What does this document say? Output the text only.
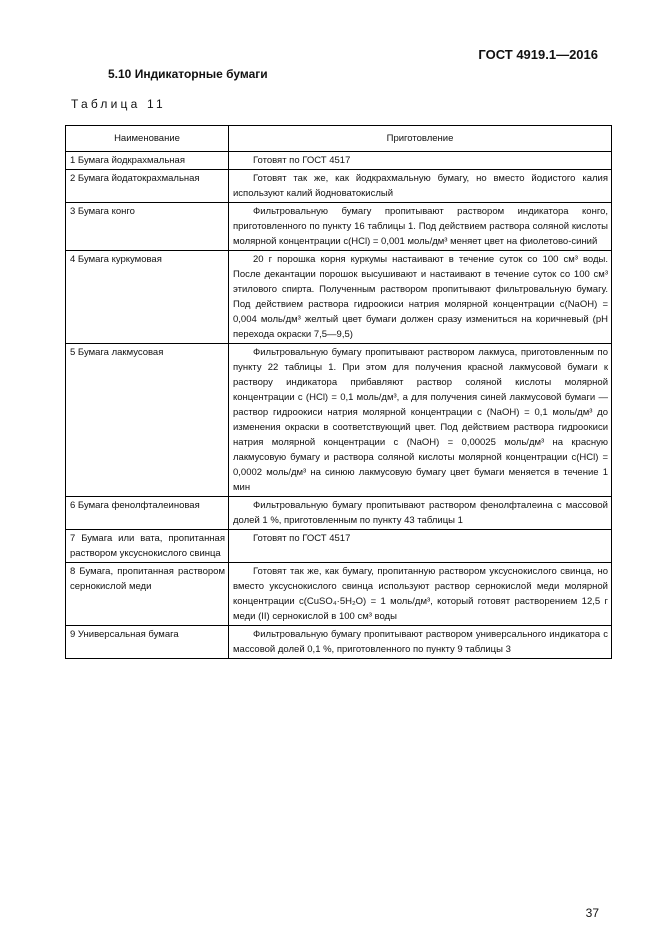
ГОСТ 4919.1—2016
5.10 Индикаторные бумаги
Таблица 11
Наименование	Приготовление
1 Бумага йодкрахмальная	Готовят по ГОСТ 4517
2 Бумага йодатокрахмальная	Готовят так же, как йодкрахмальную бумагу, но вместо йодистого калия используют калий йодноватокислый
3 Бумага конго	Фильтровальную бумагу пропитывают раствором индикатора конго, приготовленного по пункту 16 таблицы 1. Под действием раствора соляной кислоты молярной концентрации c(HCl) = 0,001 моль/дм³ меняет цвет на фиолетово-синий
4 Бумага куркумовая	20 г порошка корня куркумы настаивают в течение суток со 100 см³ воды. После декантации порошок высушивают и настаивают в течение суток со 100 см³ этилового спирта. Полученным раствором пропитывают фильтровальную бумагу. Под действием раствора гидроокиси натрия молярной концентрации c(NaOH) = 0,004 моль/дм³ желтый цвет бумаги должен сразу измениться на коричневый (рН перехода окраски 7,5—9,5)
5 Бумага лакмусовая	Фильтровальную бумагу пропитывают раствором лакмуса, приготовленным по пункту 22 таблицы 1. При этом для получения красной лакмусовой бумаги к раствору индикатора прибавляют раствор соляной кислоты молярной концентрации c (HCl) = 0,1 моль/дм³, а для получения синей лакмусовой бумаги — раствор гидроокиси натрия молярной концентрации c (NaOH) = 0,1 моль/дм³ до изменения окраски в соответствующий цвет. Под действием раствора гидроокиси натрия молярной концентрации c (NaOH) = 0,00025 моль/дм³ на красную лакмусовую бумагу и раствора соляной кислоты молярной концентрации c(HCl) = 0,0002 моль/дм³ на синюю лакмусовую бумагу цвет бумаги меняется в течение 1 мин
6 Бумага фенолфталеиновая	Фильтровальную бумагу пропитывают раствором фенолфталеина с массовой долей 1 %, приготовленным по пункту 43 таблицы 1
7 Бумага или вата, пропитанная раствором уксуснокислого свинца	Готовят по ГОСТ 4517
8 Бумага, пропитанная раствором сернокислой меди	Готовят так же, как бумагу, пропитанную раствором уксуснокислого свинца, но вместо уксуснокислого свинца используют раствор сернокислой меди молярной концентрации c(CuSO₄·5H₂O) = 1 моль/дм³, который готовят растворением 12,5 г меди (II) сернокислой в 100 см³ воды
9 Универсальная бумага	Фильтровальную бумагу пропитывают раствором универсального индикатора с массовой долей 0,1 %, приготовленного по пункту 9 таблицы 3
37
